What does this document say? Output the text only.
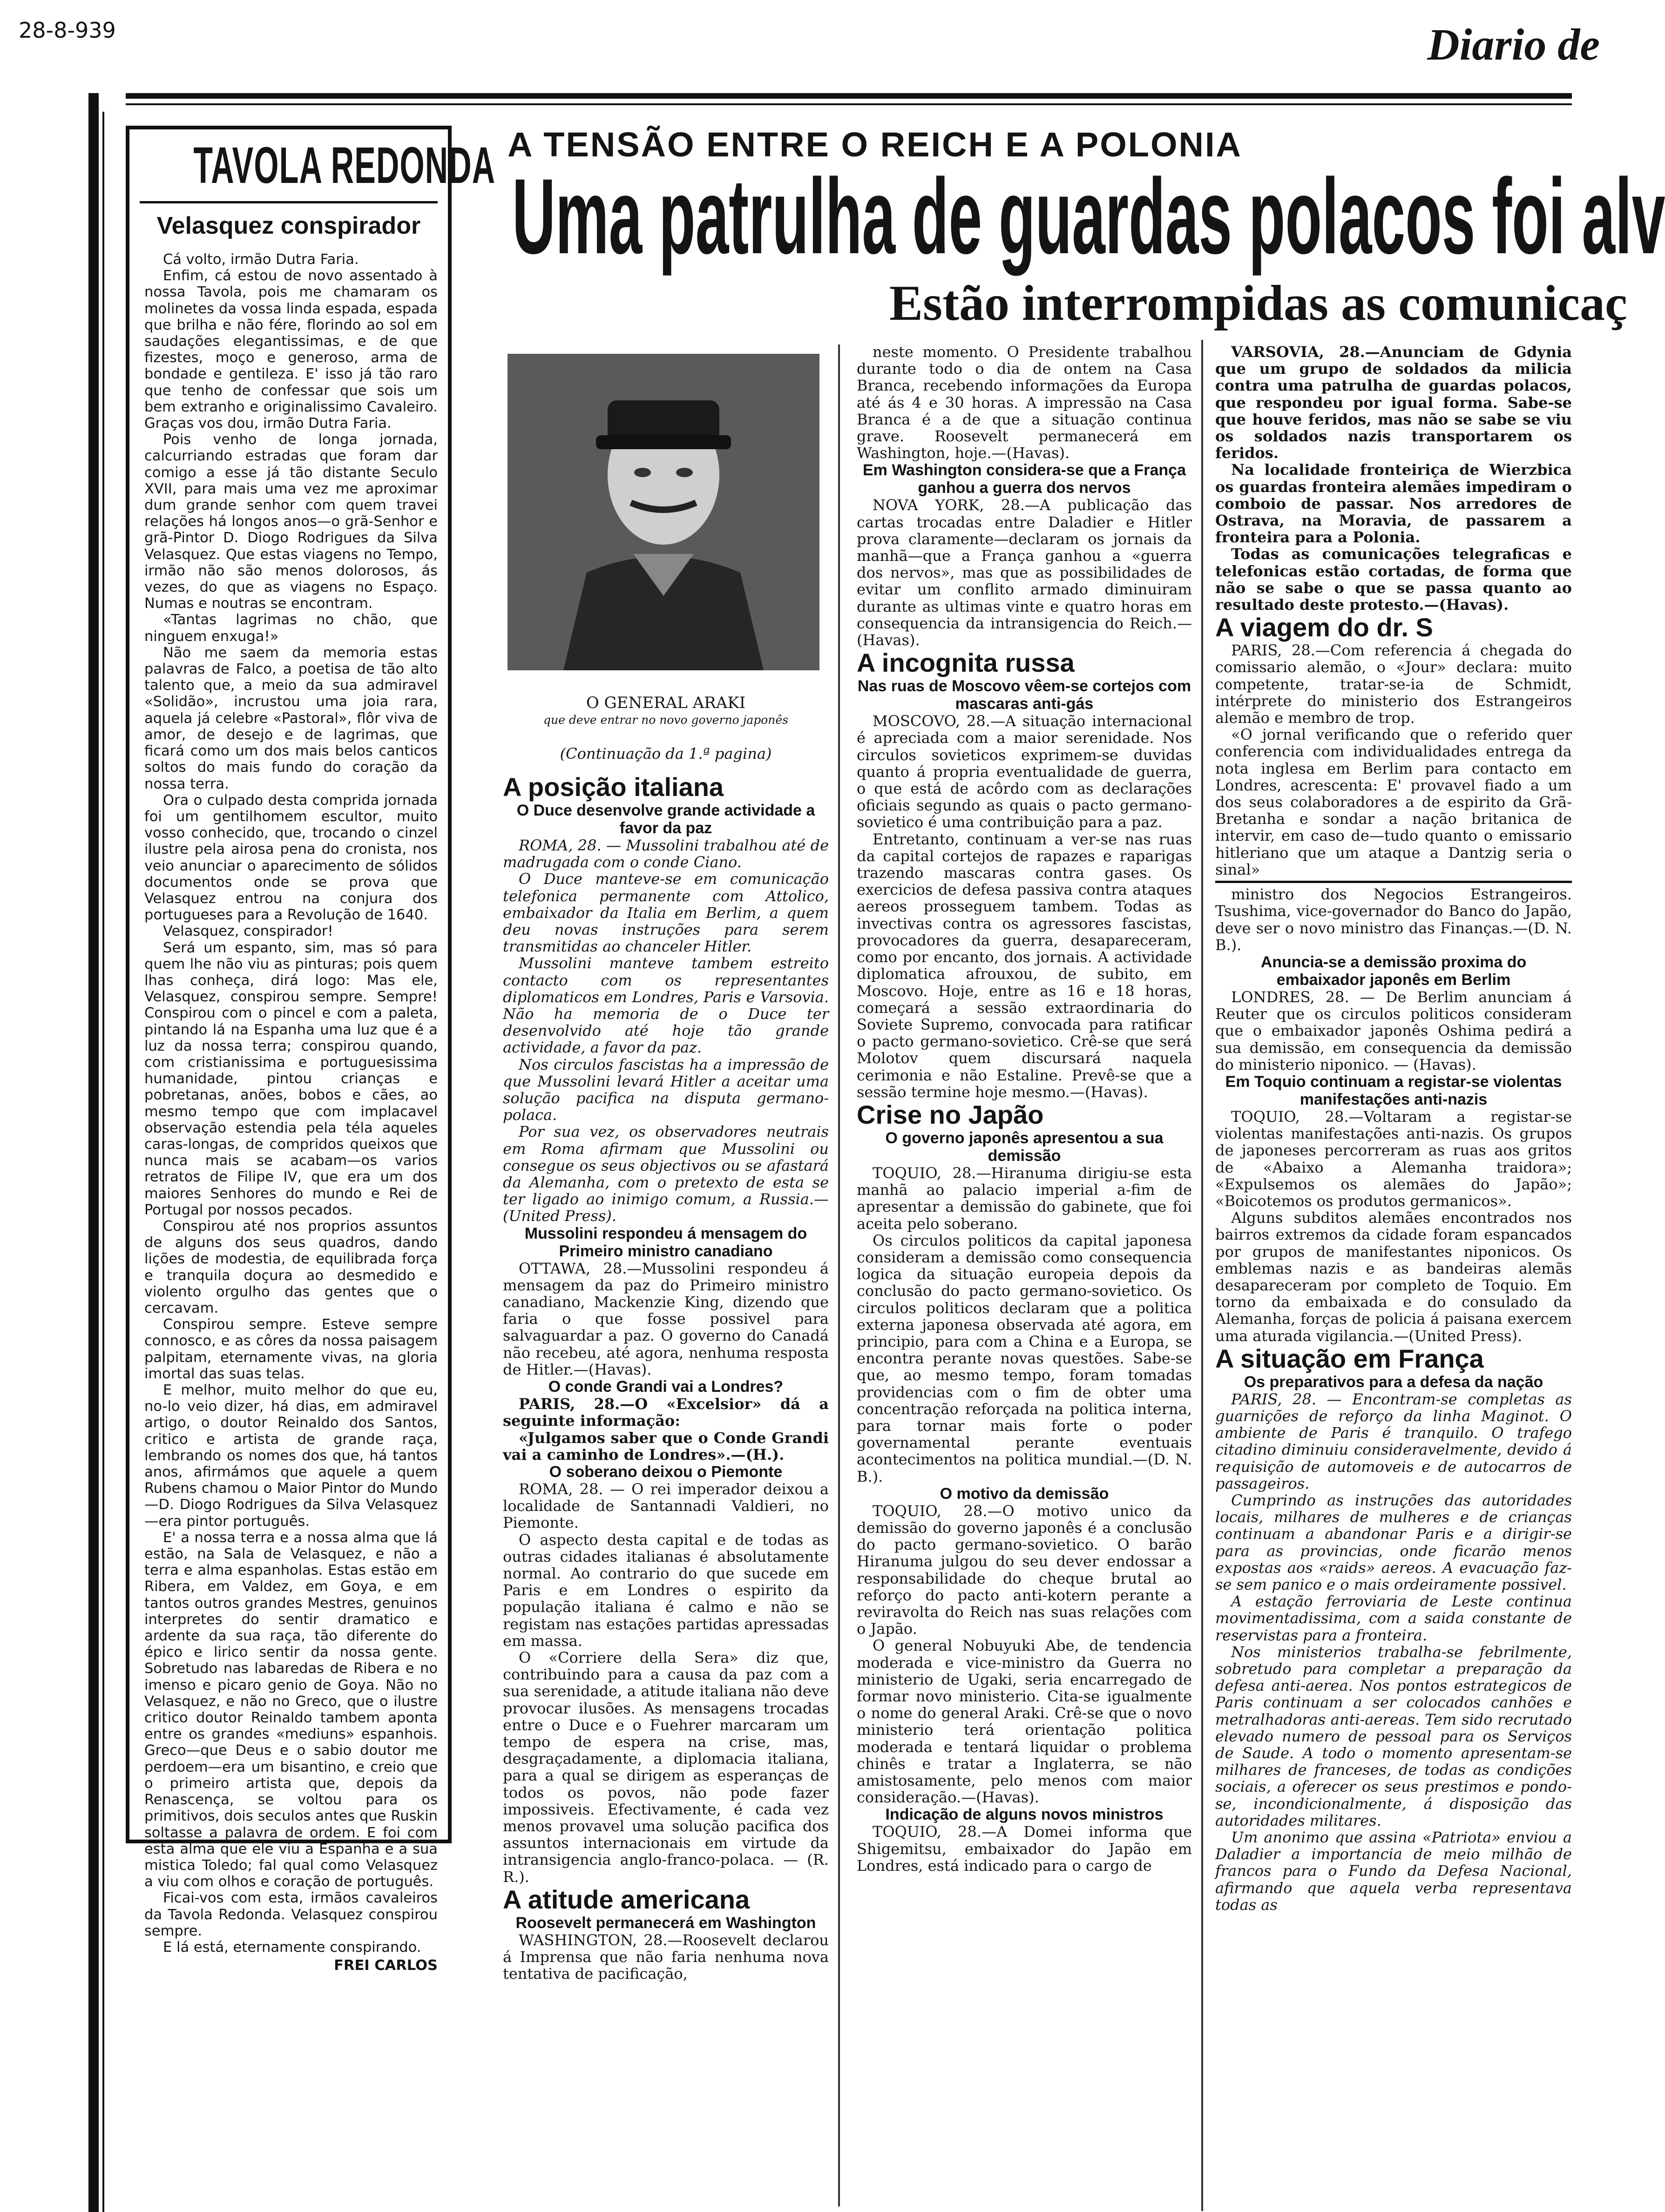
28-8-939	Diario de
TAVOLA REDONDA
Velasquez conspirador

Cá volto, irmão Dutra Faria.

Enfim, cá estou de novo assentado à nossa Tavola, pois me chamaram os molinetes da vossa linda espada, espada que brilha e não fére, florindo ao sol em saudações elegantissimas, e de que fizestes, moço e generoso, arma de bondade e gentileza. E' isso já tão raro que tenho de confessar que sois um bem extranho e originalissimo Cavaleiro. Graças vos dou, irmão Dutra Faria.

Pois venho de longa jornada, calcurriando estradas que foram dar comigo a esse já tão distante Seculo XVII, para mais uma vez me aproximar dum grande senhor com quem travei relações há longos anos—o grã-Senhor e grã-Pintor D. Diogo Rodrigues da Silva Velasquez. Que estas viagens no Tempo, irmão não são menos dolorosos, ás vezes, do que as viagens no Espaço. Numas e noutras se encontram.

«Tantas lagrimas no chão, que ninguem enxuga!»

Não me saem da memoria estas palavras de Falco, a poetisa de tão alto talento que, a meio da sua admiravel «Solidão», incrustou uma joia rara, aquela já celebre «Pastoral», flôr viva de amor, de desejo e de lagrimas, que ficará como um dos mais belos canticos soltos do mais fundo do coração da nossa terra.

Ora o culpado desta comprida jornada foi um gentilhomem escultor, muito vosso conhecido, que, trocando o cinzel ilustre pela airosa pena do cronista, nos veio anunciar o aparecimento de sólidos documentos onde se prova que Velasquez entrou na conjura dos portugueses para a Revolução de 1640.

Velasquez, conspirador!

Será um espanto, sim, mas só para quem lhe não viu as pinturas; pois quem lhas conheça, dirá logo: Mas ele, Velasquez, conspirou sempre. Sempre! Conspirou com o pincel e com a paleta, pintando lá na Espanha uma luz que é a luz da nossa terra; conspirou quando, com cristianissima e portuguesissima humanidade, pintou crianças e pobretanas, anões, bobos e cães, ao mesmo tempo que com implacavel observação estendia pela téla aqueles caras-longas, de compridos queixos que nunca mais se acabam—os varios retratos de Filipe IV, que era um dos maiores Senhores do mundo e Rei de Portugal por nossos pecados.

Conspirou até nos proprios assuntos de alguns dos seus quadros, dando lições de modestia, de equilibrada força e tranquila doçura ao desmedido e violento orgulho das gentes que o cercavam.

Conspirou sempre. Esteve sempre connosco, e as côres da nossa paisagem palpitam, eternamente vivas, na gloria imortal das suas telas.

E melhor, muito melhor do que eu, no-lo veio dizer, há dias, em admiravel artigo, o doutor Reinaldo dos Santos, critico e artista de grande raça, lembrando os nomes dos que, há tantos anos, afirmámos que aquele a quem Rubens chamou o Maior Pintor do Mundo—D. Diogo Rodrigues da Silva Velasquez—era pintor português.

E' a nossa terra e a nossa alma que lá estão, na Sala de Velasquez, e não a terra e alma espanholas. Estas estão em Ribera, em Valdez, em Goya, e em tantos outros grandes Mestres, genuinos interpretes do sentir dramatico e ardente da sua raça, tão diferente do épico e lirico sentir da nossa gente. Sobretudo nas labaredas de Ribera e no imenso e picaro genio de Goya. Não no Velasquez, e não no Greco, que o ilustre critico doutor Reinaldo tambem aponta entre os grandes «mediuns» espanhois. Greco—que Deus e o sabio doutor me perdoem—era um bisantino, e creio que o primeiro artista que, depois da Renascença, se voltou para os primitivos, dois seculos antes que Ruskin soltasse a palavra de ordem. E foi com esta alma que ele viu a Espanha e a sua mistica Toledo; fal qual como Velasquez a viu com olhos e coração de português.

Ficai-vos com esta, irmãos cavaleiros da Tavola Redonda. Velasquez conspirou sempre.

E lá está, eternamente conspirando.

FREI CARLOS
A TENSÃO ENTRE O REICH E A POLONIA
Uma patrulha de guardas polacos foi alv
Estão interrompidas as comunicaç
O GENERAL ARAKI
que deve entrar no novo governo japonês
(Continuação da 1.ª pagina)

A posição italiana

O Duce desenvolve grande actividade a favor da paz

ROMA, 28. — Mussolini trabalhou até de madrugada com o conde Ciano.

O Duce manteve-se em comunicação telefonica permanente com Attolico, embaixador da Italia em Berlim, a quem deu novas instruções para serem transmitidas ao chanceler Hitler.

Mussolini manteve tambem estreito contacto com os representantes diplomaticos em Londres, Paris e Varsovia. Não ha memoria de o Duce ter desenvolvido até hoje tão grande actividade, a favor da paz.

Nos circulos fascistas ha a impressão de que Mussolini levará Hitler a aceitar uma solução pacifica na disputa germano-polaca.

Por sua vez, os observadores neutrais em Roma afirmam que Mussolini ou consegue os seus objectivos ou se afastará da Alemanha, com o pretexto de esta se ter ligado ao inimigo comum, a Russia.—(United Press).

Mussolini respondeu á mensagem do Primeiro ministro canadiano

OTTAWA, 28.—Mussolini respondeu á mensagem da paz do Primeiro ministro canadiano, Mackenzie King, dizendo que faria o que fosse possivel para salvaguardar a paz. O governo do Canadá não recebeu, até agora, nenhuma resposta de Hitler.—(Havas).

O conde Grandi vai a Londres?

PARIS, 28.—O «Excelsior» dá a seguinte informação:

«Julgamos saber que o Conde Grandi vai a caminho de Londres».—(H.).

O soberano deixou o Piemonte

ROMA, 28. — O rei imperador deixou a localidade de Santannadi Valdieri, no Piemonte.

O aspecto desta capital e de todas as outras cidades italianas é absolutamente normal. Ao contrario do que sucede em Paris e em Londres o espirito da população italiana é calmo e não se registam nas estações partidas apressadas em massa.

O «Corriere della Sera» diz que, contribuindo para a causa da paz com a sua serenidade, a atitude italiana não deve provocar ilusões. As mensagens trocadas entre o Duce e o Fuehrer marcaram um tempo de espera na crise, mas, desgraçadamente, a diplomacia italiana, para a qual se dirigem as esperanças de todos os povos, não pode fazer impossiveis. Efectivamente, é cada vez menos provavel uma solução pacifica dos assuntos internacionais em virtude da intransigencia anglo-franco-polaca. — (R. R.).

A atitude americana

Roosevelt permanecerá em Washington

WASHINGTON, 28.—Roosevelt declarou á Imprensa que não faria nenhuma nova tentativa de pacificação,

neste momento. O Presidente trabalhou durante todo o dia de ontem na Casa Branca, recebendo informações da Europa até ás 4 e 30 horas. A impressão na Casa Branca é a de que a situação continua grave. Roosevelt permanecerá em Washington, hoje.—(Havas).

Em Washington considera-se que a França ganhou a guerra dos nervos

NOVA YORK, 28.—A publicação das cartas trocadas entre Daladier e Hitler prova claramente—declaram os jornais da manhã—que a França ganhou a «guerra dos nervos», mas que as possibilidades de evitar um conflito armado diminuiram durante as ultimas vinte e quatro horas em consequencia da intransigencia do Reich.—(Havas).

A incognita russa

Nas ruas de Moscovo vêem-se cortejos com mascaras anti-gás

MOSCOVO, 28.—A situação internacional é apreciada com a maior serenidade. Nos circulos sovieticos exprimem-se duvidas quanto á propria eventualidade de guerra, o que está de acôrdo com as declarações oficiais segundo as quais o pacto germano-sovietico é uma contribuição para a paz.

Entretanto, continuam a ver-se nas ruas da capital cortejos de rapazes e raparigas trazendo mascaras contra gases. Os exercicios de defesa passiva contra ataques aereos prosseguem tambem. Todas as invectivas contra os agressores fascistas, provocadores da guerra, desapareceram, como por encanto, dos jornais. A actividade diplomatica afrouxou, de subito, em Moscovo. Hoje, entre as 16 e 18 horas, começará a sessão extraordinaria do Soviete Supremo, convocada para ratificar o pacto germano-sovietico. Crê-se que será Molotov quem discursará naquela cerimonia e não Estaline. Prevê-se que a sessão termine hoje mesmo.—(Havas).

Crise no Japão

O governo japonês apresentou a sua demissão

TOQUIO, 28.—Hiranuma dirigiu-se esta manhã ao palacio imperial a-fim de apresentar a demissão do gabinete, que foi aceita pelo soberano.

Os circulos politicos da capital japonesa consideram a demissão como consequencia logica da situação europeia depois da conclusão do pacto germano-sovietico. Os circulos politicos declaram que a politica externa japonesa observada até agora, em principio, para com a China e a Europa, se encontra perante novas questões. Sabe-se que, ao mesmo tempo, foram tomadas providencias com o fim de obter uma concentração reforçada na politica interna, para tornar mais forte o poder governamental perante eventuais acontecimentos na politica mundial.—(D. N. B.).

O motivo da demissão

TOQUIO, 28.—O motivo unico da demissão do governo japonês é a conclusão do pacto germano-sovietico. O barão Hiranuma julgou do seu dever endossar a responsabilidade do cheque brutal ao reforço do pacto anti-kotern perante a reviravolta do Reich nas suas relações com o Japão.

O general Nobuyuki Abe, de tendencia moderada e vice-ministro da Guerra no ministerio de Ugaki, seria encarregado de formar novo ministerio. Cita-se igualmente o nome do general Araki. Crê-se que o novo ministerio terá orientação politica moderada e tentará liquidar o problema chinês e tratar a Inglaterra, se não amistosamente, pelo menos com maior consideração.—(Havas).

Indicação de alguns novos ministros

TOQUIO, 28.—A Domei informa que Shigemitsu, embaixador do Japão em Londres, está indicado para o cargo de

VARSOVIA, 28.—Anunciam de Gdynia que um grupo de soldados da milicia contra uma patrulha de guardas polacos, que respondeu por igual forma. Sabe-se que houve feridos, mas não se sabe se viu os soldados nazis transportarem os feridos.

Na localidade fronteiriça de Wierzbica os guardas fronteira alemães impediram o comboio de passar. Nos arredores de Ostrava, na Moravia, de passarem a fronteira para a Polonia.

Todas as comunicações telegraficas e telefonicas estão cortadas, de forma que não se sabe o que se passa quanto ao resultado deste protesto.—(Havas).

A viagem do dr. S

PARIS, 28.—Com referencia á chegada do comissario alemão, o «Jour» declara: muito competente, tratar-se-ia de Schmidt, intérprete do ministerio dos Estrangeiros alemão e membro de trop.

«O jornal verificando que o referido quer conferencia com individualidades entrega da nota inglesa em Berlim para contacto em Londres, acrescenta: E' provavel fiado a um dos seus colaboradores a de espirito da Grã-Bretanha e sondar a nação britanica de intervir, em caso de—tudo quanto o emissario hitleriano que um ataque a Dantzig seria o sinal»

ministro dos Negocios Estrangeiros. Tsushima, vice-governador do Banco do Japão, deve ser o novo ministro das Finanças.—(D. N. B.).

Anuncia-se a demissão proxima do embaixador japonês em Berlim

LONDRES, 28. — De Berlim anunciam á Reuter que os circulos politicos consideram que o embaixador japonês Oshima pedirá a sua demissão, em consequencia da demissão do ministerio niponico. — (Havas).

Em Toquio continuam a registar-se violentas manifestações anti-nazis

TOQUIO, 28.—Voltaram a registar-se violentas manifestações anti-nazis. Os grupos de japoneses percorreram as ruas aos gritos de «Abaixo a Alemanha traidora»; «Expulsemos os alemães do Japão»; «Boicotemos os produtos germanicos».

Alguns subditos alemães encontrados nos bairros extremos da cidade foram espancados por grupos de manifestantes niponicos. Os emblemas nazis e as bandeiras alemãs desapareceram por completo de Toquio. Em torno da embaixada e do consulado da Alemanha, forças de policia á paisana exercem uma aturada vigilancia.—(United Press).

A situação em França

Os preparativos para a defesa da nação

PARIS, 28. — Encontram-se completas as guarnições de reforço da linha Maginot. O ambiente de Paris é tranquilo. O trafego citadino diminuiu consideravelmente, devido á requisição de automoveis e de autocarros de passageiros.

Cumprindo as instruções das autoridades locais, milhares de mulheres e de crianças continuam a abandonar Paris e a dirigir-se para as provincias, onde ficarão menos expostas aos «raids» aereos. A evacuação faz-se sem panico e o mais ordeiramente possivel.

A estação ferroviaria de Leste continua movimentadissima, com a saida constante de reservistas para a fronteira.

Nos ministerios trabalha-se febrilmente, sobretudo para completar a preparação da defesa anti-aerea. Nos pontos estrategicos de Paris continuam a ser colocados canhões e metralhadoras anti-aereas. Tem sido recrutado elevado numero de pessoal para os Serviços de Saude. A todo o momento apresentam-se milhares de franceses, de todas as condições sociais, a oferecer os seus prestimos e pondo-se, incondicionalmente, á disposição das autoridades militares.

Um anonimo que assina «Patriota» enviou a Daladier a importancia de meio milhão de francos para o Fundo da Defesa Nacional, afirmando que aquela verba representava todas as
